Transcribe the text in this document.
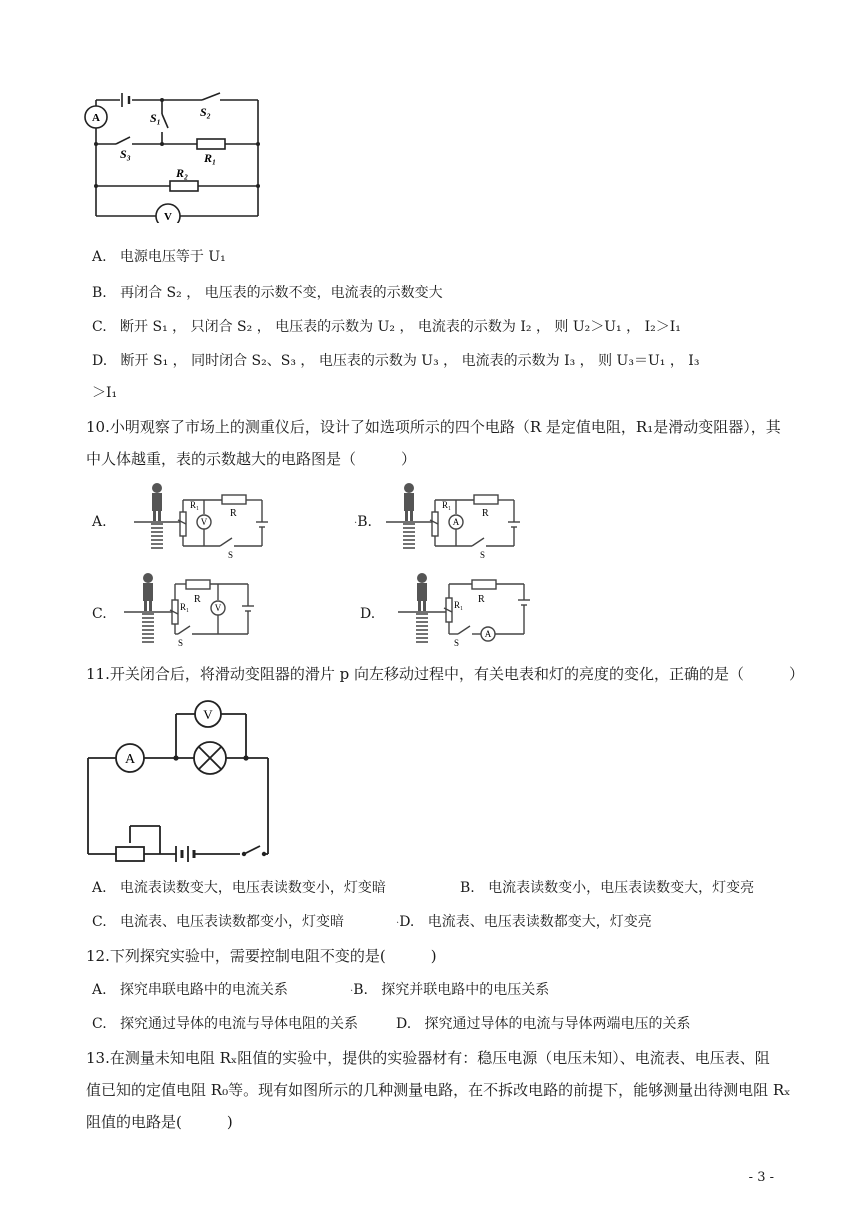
A
V
S₂
S₁
S₃	R₁
R₂
A. 电源电压等于 U₁
B. 再闭合 S₂ ， 电压表的示数不变，电流表的示数变大
C. 断开 S₁ ， 只闭合 S₂ ， 电压表的示数为 U₂ ， 电流表的示数为 I₂ ， 则 U₂＞U₁ ， I₂＞I₁
D. 断开 S₁ ， 同时闭合 S₂、S₃ ， 电压表的示数为 U₃ ， 电流表的示数为 I₃ ， 则 U₃＝U₁ ， I₃
＞I₁
10.小明观察了市场上的测重仪后，设计了如选项所示的四个电路（R 是定值电阻，R₁是滑动变阻器），其
中人体越重，表的示数越大的电路图是（　　　）
A.	V
R
R₁
S
·B.	A
R
R₁
S
C.	V
R
R₁
S
D.
A
R
R₁
S
11.开关闭合后，将滑动变阻器的滑片 p 向左移动过程中，有关电表和灯的亮度的变化，正确的是（　　　）
A
V
A. 电流表读数变大，电压表读数变小，灯变暗	B. 电流表读数变小，电压表读数变大，灯变亮
C. 电流表、电压表读数都变小，灯变暗	·D. 电流表、电压表读数都变大，灯变亮
12.下列探究实验中，需要控制电阻不变的是(　　　)
A. 探究串联电路中的电流关系	·B. 探究并联电路中的电压关系
C. 探究通过导体的电流与导体电阻的关系	D. 探究通过导体的电流与导体两端电压的关系
13.在测量未知电阻 Rₓ阻值的实验中，提供的实验器材有：稳压电源（电压未知）、电流表、电压表、阻
值已知的定值电阻 R₀等。现有如图所示的几种测量电路，在不拆改电路的前提下，能够测量出待测电阻 Rₓ
阻值的电路是(　　　)
- 3 -
